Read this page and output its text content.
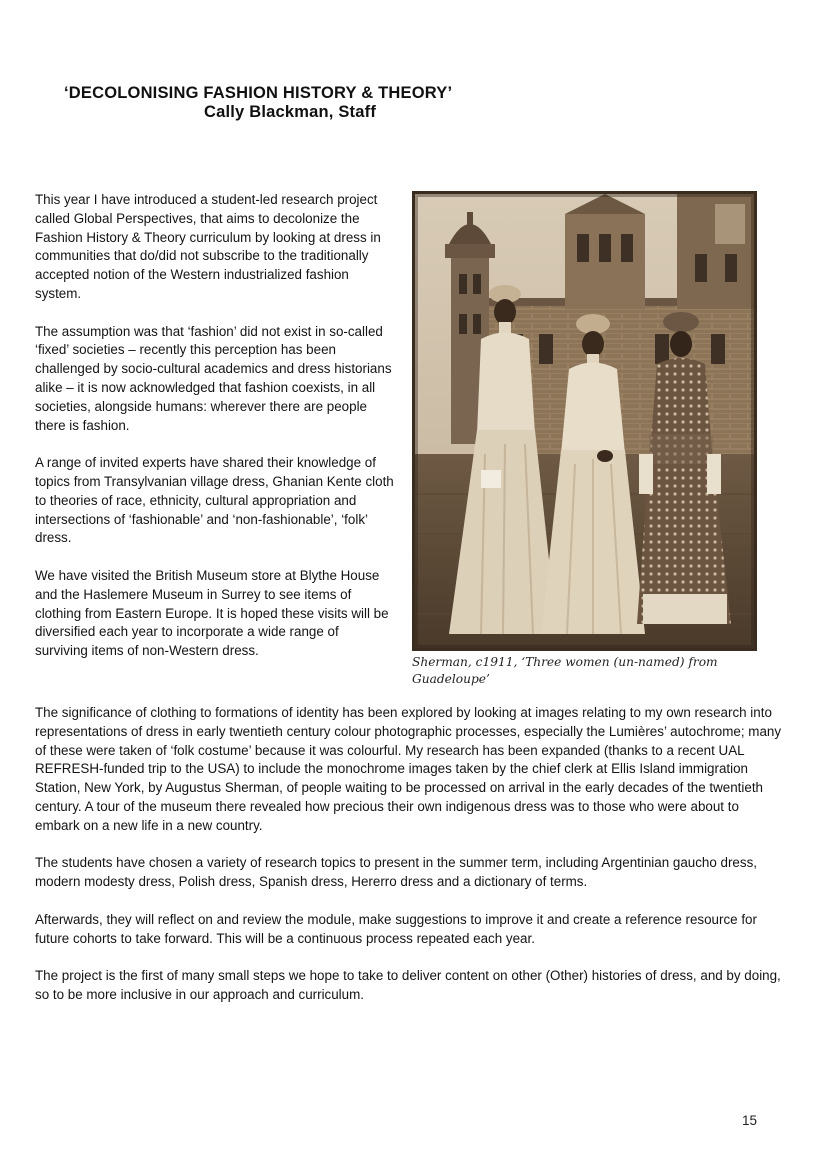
‘DECOLONISING FASHION HISTORY & THEORY’
Cally Blackman, Staff

This year I have introduced a student-led research project called Global Perspectives, that aims to decolonize the Fashion History & Theory curriculum by looking at dress in communities that do/did not subscribe to the traditionally accepted notion of the Western industrialized fashion system.

The assumption was that ‘fashion’ did not exist in so-called ‘fixed’ societies – recently this perception has been challenged by socio-cultural academics and dress historians alike – it is now acknowledged that fashion coexists, in all societies, alongside humans: wherever there are people there is fashion.

A range of invited experts have shared their knowledge of topics from Transylvanian village dress, Ghanian Kente cloth to theories of race, ethnicity, cultural appropriation and intersections of ‘fashionable’ and ‘non-fashionable’, ‘folk’ dress.

We have visited the British Museum store at Blythe House and the Haslemere Museum in Surrey to see items of clothing from Eastern Europe. It is hoped these visits will be diversified each year to incorporate a wide range of surviving items of non-Western dress.

Sherman, c1911, ‘Three women (un-named) from Guadeloupe’

The significance of clothing to formations of identity has been explored by looking at images relating to my own research into representations of dress in early twentieth century colour photographic processes, especially the Lumières’ autochrome; many of these were taken of ‘folk costume’ because it was colourful. My research has been expanded (thanks to a recent UAL REFRESH-funded trip to the USA) to include the monochrome images taken by the chief clerk at Ellis Island immigration Station, New York, by Augustus Sherman, of people waiting to be processed on arrival in the early decades of the twentieth century. A tour of the museum there revealed how precious their own indigenous dress was to those who were about to embark on a new life in a new country.

The students have chosen a variety of research topics to present in the summer term, including Argentinian gaucho dress, modern modesty dress, Polish dress, Spanish dress, Hererro dress and a dictionary of terms.

Afterwards, they will reflect on and review the module, make suggestions to improve it and create a reference resource for future cohorts to take forward. This will be a continuous process repeated each year.

The project is the first of many small steps we hope to take to deliver content on other (Other) histories of dress, and by doing, so to be more inclusive in our approach and curriculum.

15
